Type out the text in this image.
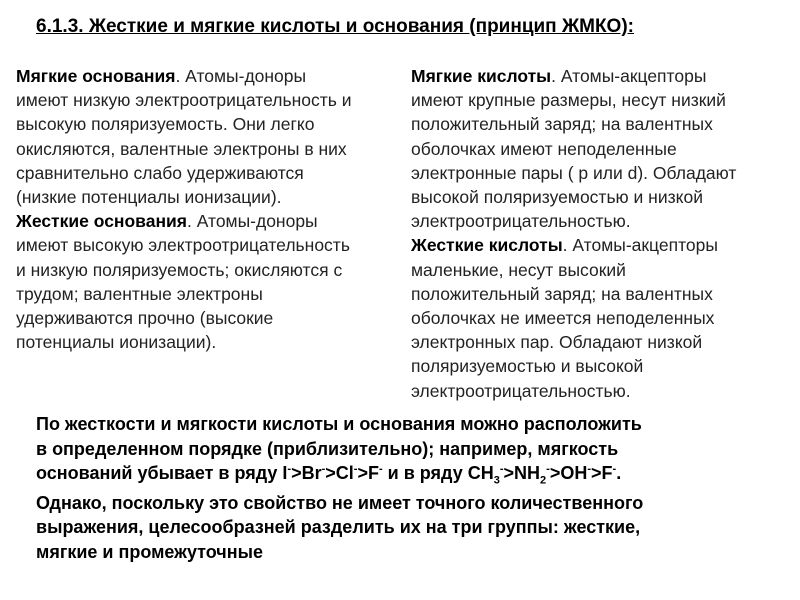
6.1.3. Жесткие и мягкие кислоты и основания (принцип ЖМКО):
Мягкие основания. Атомы-доноры
имеют низкую электроотрицательность и
высокую поляризуемость. Они легко
окисляются, валентные электроны в них
сравнительно слабо удерживаются
(низкие потенциалы ионизации).
Жесткие основания. Атомы-доноры
имеют высокую электроотрицательность
и низкую поляризуемость; окисляются с
трудом; валентные электроны
удерживаются прочно (высокие
потенциалы ионизации).
Мягкие кислоты. Атомы-акцепторы
имеют крупные размеры, несут низкий
положительный заряд; на валентных
оболочках имеют неподеленные
электронные пары ( р или d). Обладают
высокой поляризуемостью и низкой
электроотрицательностью.
Жесткие кислоты. Атомы-акцепторы
маленькие, несут высокий
положительный заряд; на валентных
оболочках не имеется неподеленных
электронных пар. Обладают низкой
поляризуемостью и высокой
электроотрицательностью.
По жесткости и мягкости кислоты и основания можно расположить
в определенном порядке (приблизительно); например, мягкость
оснований убывает в ряду I->Br->Cl->F- и в ряду $CH_3^->NH_2^->OH^->F^-$.
Однако, поскольку это свойство не имеет точного количественного
выражения, целесообразней разделить их на три группы: жесткие,
мягкие и промежуточные
